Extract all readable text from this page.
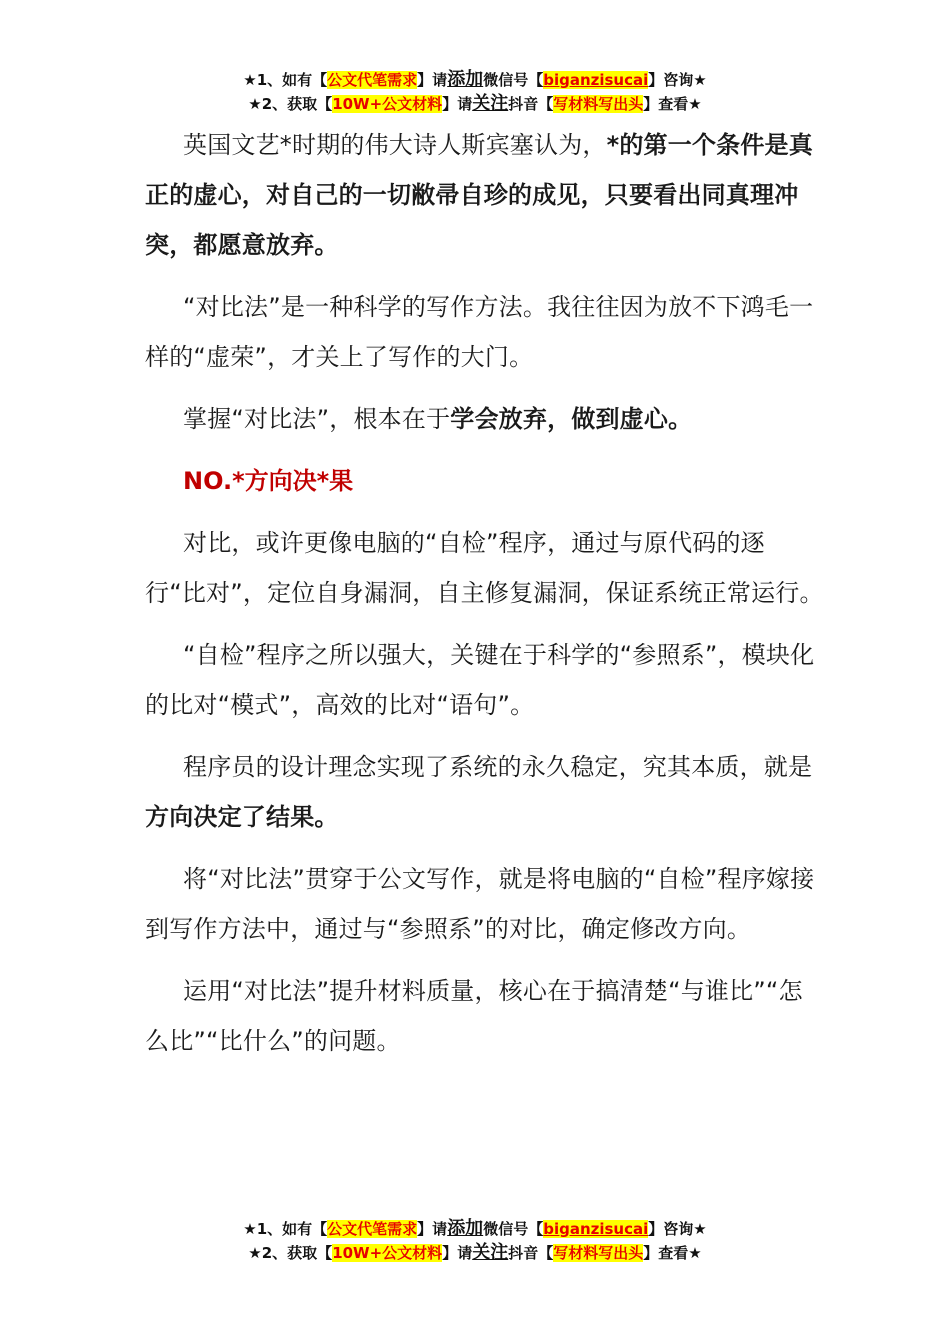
★1、如有【公文代笔需求】请添加微信号【biganzisucai】咨询★
★2、获取【10W+公文材料】请关注抖音【写材料写出头】查看★

英国文艺*时期的伟大诗人斯宾塞认为，*的第一个条件是真正的虚心，对自己的一切敝帚自珍的成见，只要看出同真理冲突，都愿意放弃。

“对比法”是一种科学的写作方法。我往往因为放不下鸿毛一样的“虚荣”，才关上了写作的大门。

掌握“对比法”，根本在于学会放弃，做到虚心。

NO.*方向决*果

对比，或许更像电脑的“自检”程序，通过与原代码的逐行“比对”，定位自身漏洞，自主修复漏洞，保证系统正常运行。

“自检”程序之所以强大，关键在于科学的“参照系”，模块化的比对“模式”，高效的比对“语句”。

程序员的设计理念实现了系统的永久稳定，究其本质，就是方向决定了结果。

将“对比法”贯穿于公文写作，就是将电脑的“自检”程序嫁接到写作方法中，通过与“参照系”的对比，确定修改方向。

运用“对比法”提升材料质量，核心在于搞清楚“与谁比”“怎么比”“比什么”的问题。

★1、如有【公文代笔需求】请添加微信号【biganzisucai】咨询★
★2、获取【10W+公文材料】请关注抖音【写材料写出头】查看★
